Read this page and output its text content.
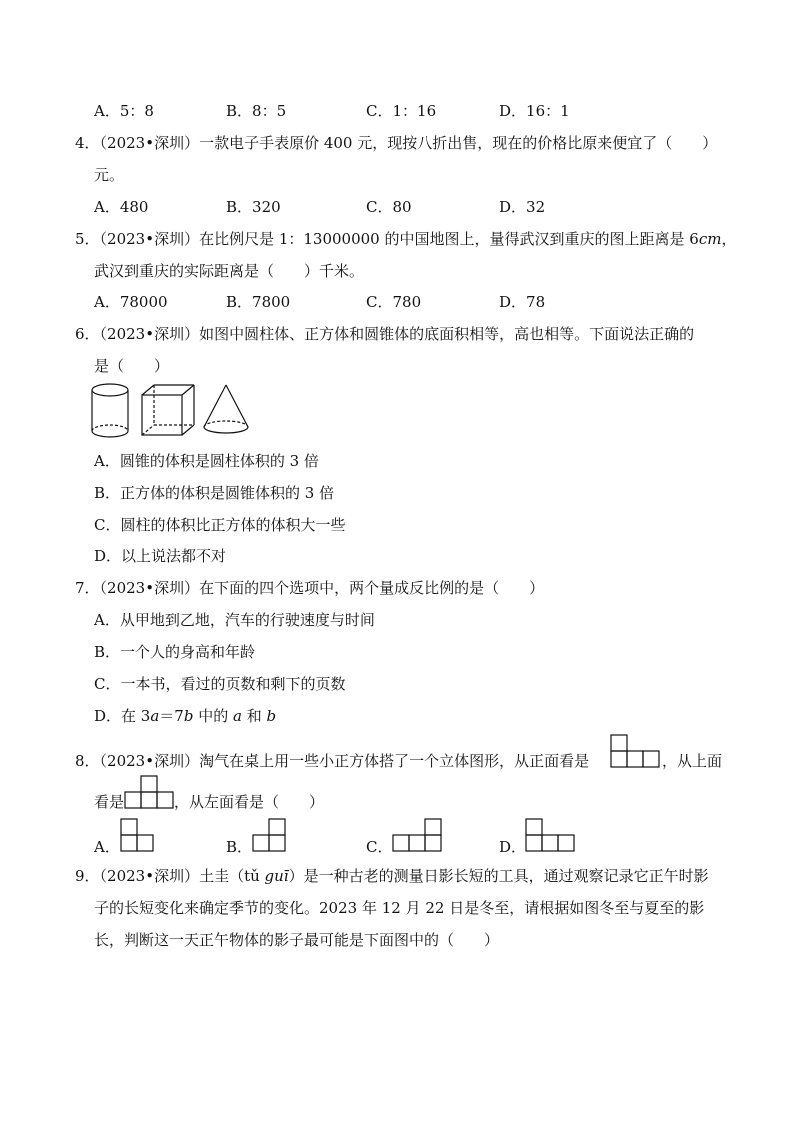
A．5：8	B．8：5	C．1：16	D．16：1
4．（2023•深圳）一款电子手表原价 400 元，现按八折出售，现在的价格比原来便宜了（　　）
元。
A．480	B．320	C．80	D．32
5．（2023•深圳）在比例尺是 1：13000000 的中国地图上，量得武汉到重庆的图上距离是 6cm，
武汉到重庆的实际距离是（　　）千米。
A．78000	B．7800	C．780	D．78
6．（2023•深圳）如图中圆柱体、正方体和圆锥体的底面积相等，高也相等。下面说法正确的
是（　　）
A．圆锥的体积是圆柱体积的 3 倍
B．正方体的体积是圆锥体积的 3 倍
C．圆柱的体积比正方体的体积大一些
D．以上说法都不对
7．（2023•深圳）在下面的四个选项中，两个量成反比例的是（　　）
A．从甲地到乙地，汽车的行驶速度与时间
B．一个人的身高和年龄
C．一本书，看过的页数和剩下的页数
D．在 3a＝7b 中的 a 和 b
8．（2023•深圳）淘气在桌上用一些小正方体搭了一个立体图形，从正面看是	，从上面
看是	，从左面看是（　　）
A．	B．	C．	D．
9．（2023•深圳）土圭（tǔ guī）是一种古老的测量日影长短的工具，通过观察记录它正午时影
子的长短变化来确定季节的变化。2023 年 12 月 22 日是冬至，请根据如图冬至与夏至的影
长，判断这一天正午物体的影子最可能是下面图中的（　　）
